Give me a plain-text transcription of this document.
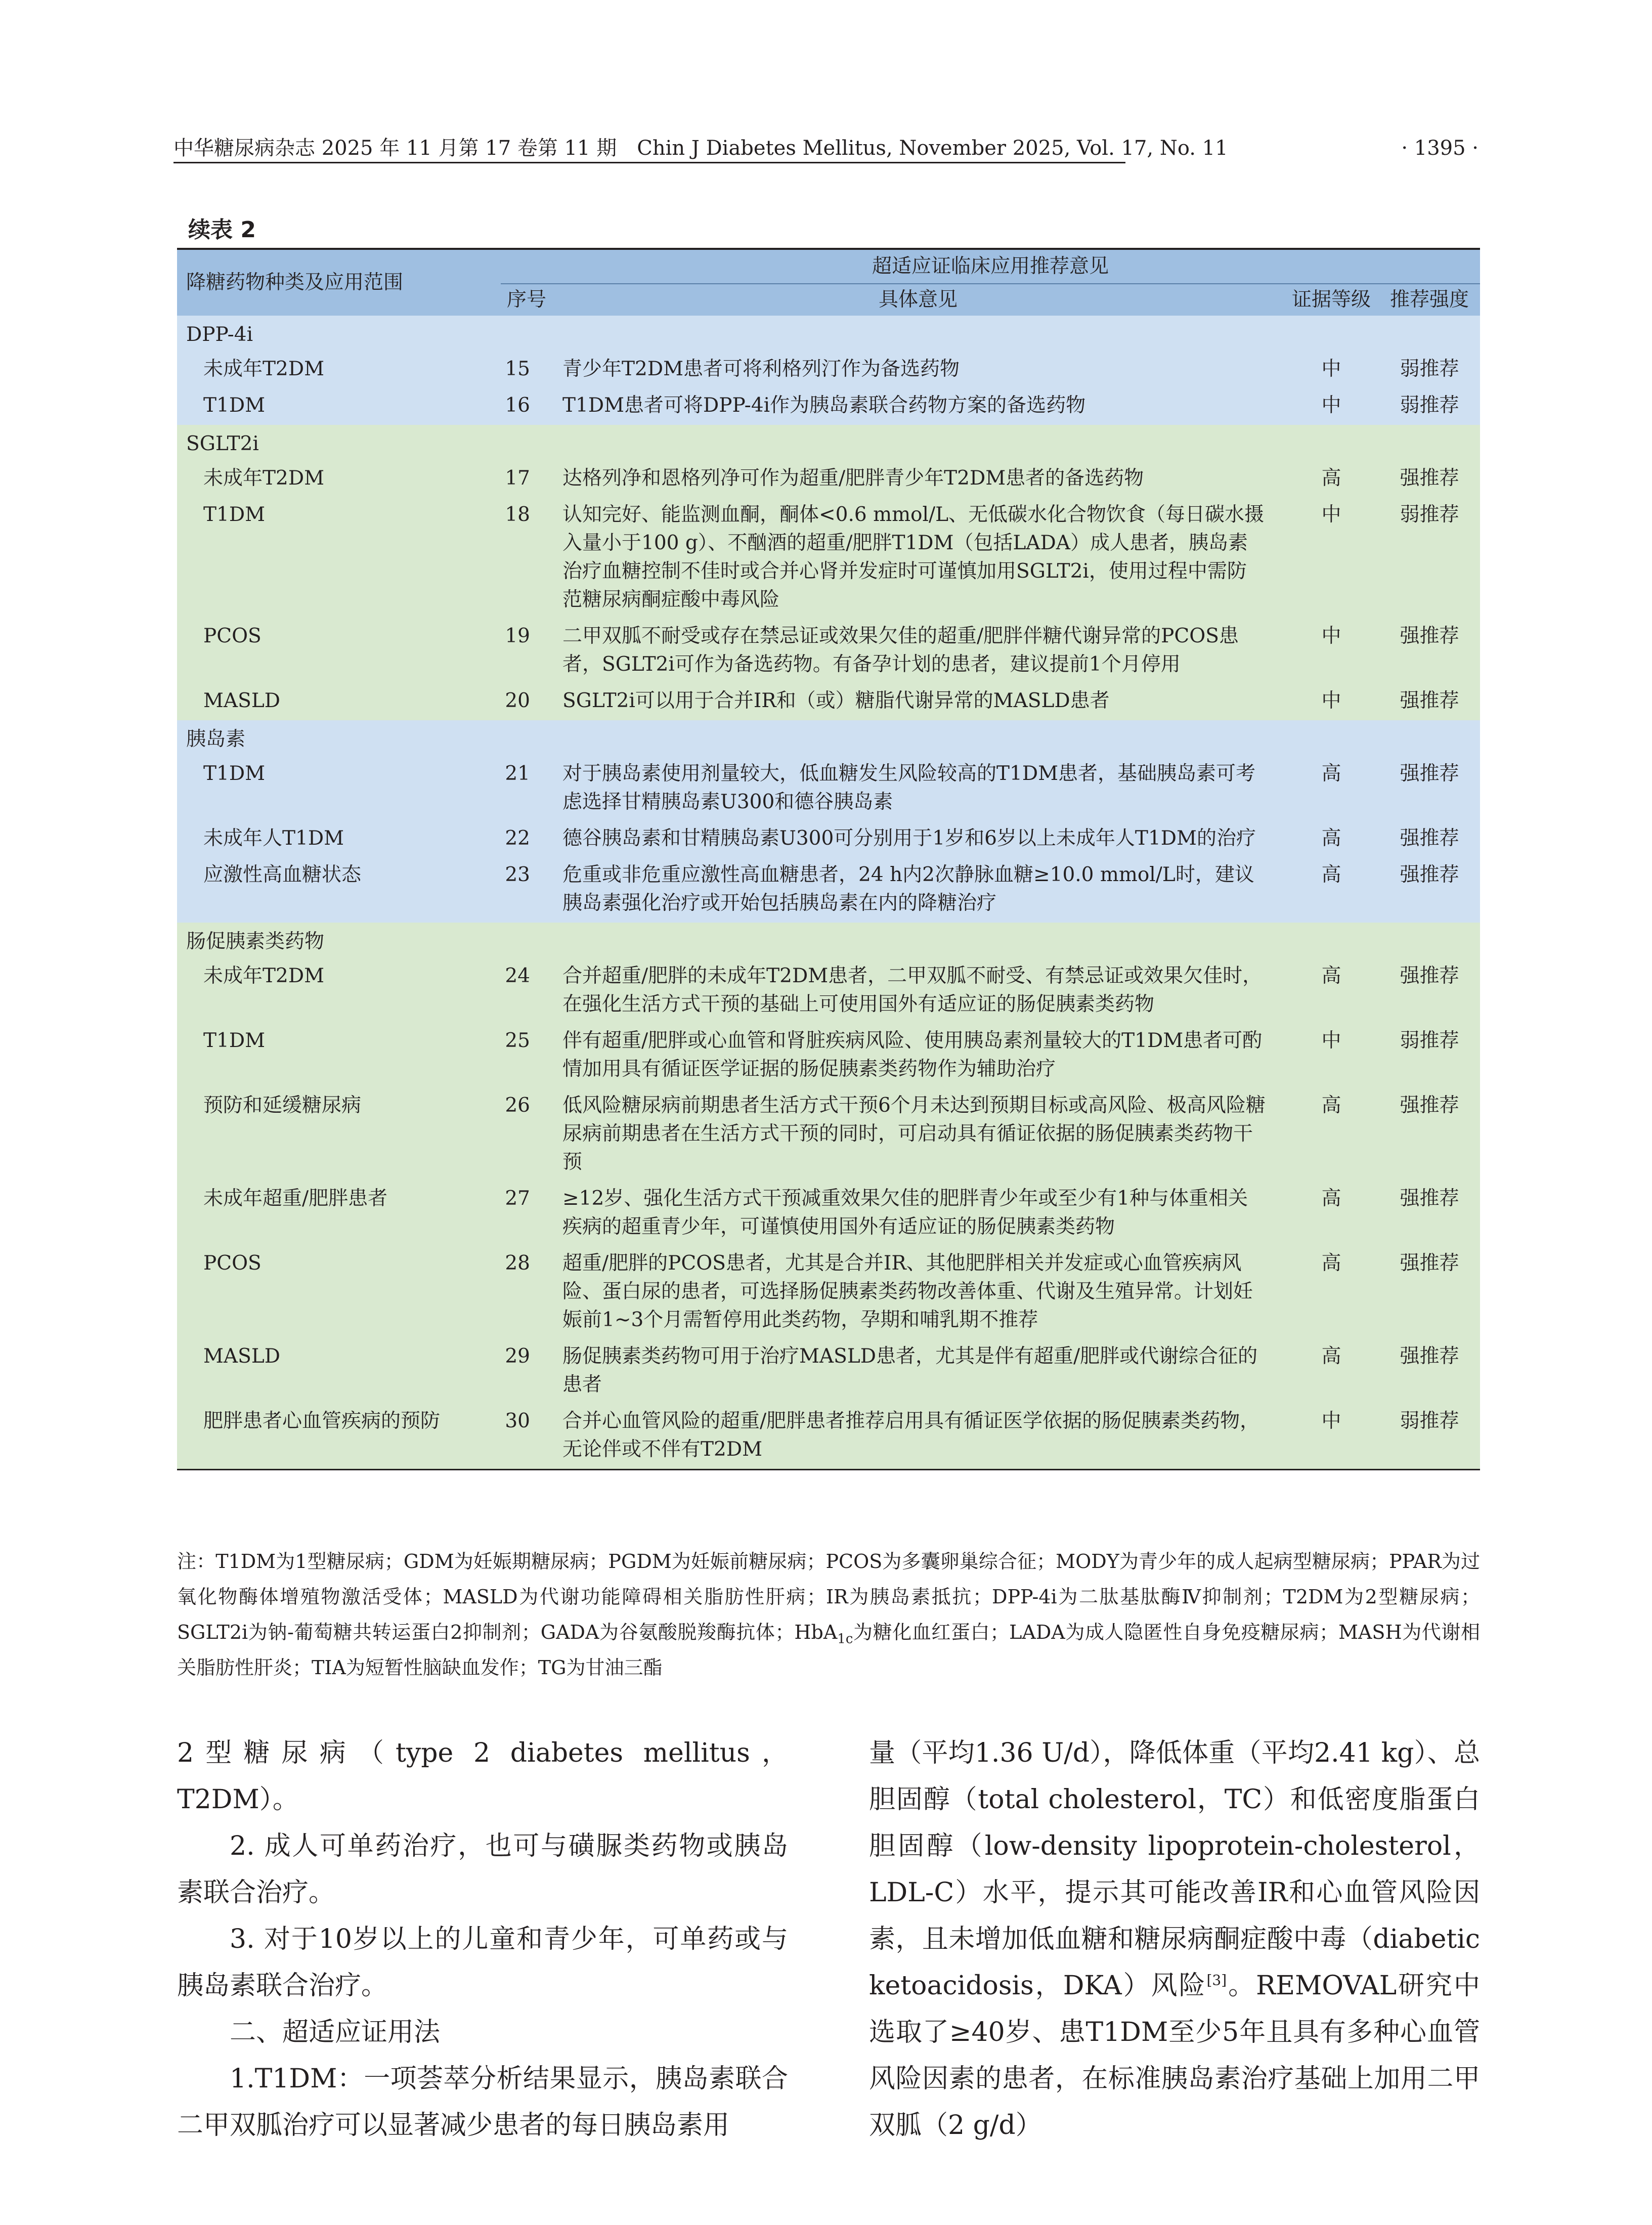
中华糖尿病杂志 2025 年 11 月第 17 卷第 11 期　Chin J Diabetes Mellitus, November 2025, Vol. 17, No. 11	· 1395 ·
续表 2

降糖药物种类及应用范围	超适应证临床应用推荐意见			
	序号	具体意见	证据等级	推荐强度
DPP-4i				
未成年T2DM	15	青少年T2DM患者可将利格列汀作为备选药物	中	弱推荐
T1DM	16	T1DM患者可将DPP-4i作为胰岛素联合药物方案的备选药物	中	弱推荐
SGLT2i				
未成年T2DM	17	达格列净和恩格列净可作为超重/肥胖青少年T2DM患者的备选药物	高	强推荐
T1DM	18	认知完好、能监测血酮，酮体<0.6 mmol/L、无低碳水化合物饮食（每日碳水摄入量小于100 g）、不酗酒的超重/肥胖T1DM（包括LADA）成人患者，胰岛素治疗血糖控制不佳时或合并心肾并发症时可谨慎加用SGLT2i，使用过程中需防范糖尿病酮症酸中毒风险	中	弱推荐
PCOS	19	二甲双胍不耐受或存在禁忌证或效果欠佳的超重/肥胖伴糖代谢异常的PCOS患者，SGLT2i可作为备选药物。有备孕计划的患者，建议提前1个月停用	中	强推荐
MASLD	20	SGLT2i可以用于合并IR和（或）糖脂代谢异常的MASLD患者	中	强推荐
胰岛素				
T1DM	21	对于胰岛素使用剂量较大，低血糖发生风险较高的T1DM患者，基础胰岛素可考虑选择甘精胰岛素U300和德谷胰岛素	高	强推荐
未成年人T1DM	22	德谷胰岛素和甘精胰岛素U300可分别用于1岁和6岁以上未成年人T1DM的治疗	高	强推荐
应激性高血糖状态	23	危重或非危重应激性高血糖患者，24 h内2次静脉血糖≥10.0 mmol/L时，建议胰岛素强化治疗或开始包括胰岛素在内的降糖治疗	高	强推荐
肠促胰素类药物				
未成年T2DM	24	合并超重/肥胖的未成年T2DM患者，二甲双胍不耐受、有禁忌证或效果欠佳时，在强化生活方式干预的基础上可使用国外有适应证的肠促胰素类药物	高	强推荐
T1DM	25	伴有超重/肥胖或心血管和肾脏疾病风险、使用胰岛素剂量较大的T1DM患者可酌情加用具有循证医学证据的肠促胰素类药物作为辅助治疗	中	弱推荐
预防和延缓糖尿病	26	低风险糖尿病前期患者生活方式干预6个月未达到预期目标或高风险、极高风险糖尿病前期患者在生活方式干预的同时，可启动具有循证依据的肠促胰素类药物干预	高	强推荐
未成年超重/肥胖患者	27	≥12岁、强化生活方式干预减重效果欠佳的肥胖青少年或至少有1种与体重相关疾病的超重青少年，可谨慎使用国外有适应证的肠促胰素类药物	高	强推荐
PCOS	28	超重/肥胖的PCOS患者，尤其是合并IR、其他肥胖相关并发症或心血管疾病风险、蛋白尿的患者，可选择肠促胰素类药物改善体重、代谢及生殖异常。计划妊娠前1~3个月需暂停用此类药物，孕期和哺乳期不推荐	高	强推荐
MASLD	29	肠促胰素类药物可用于治疗MASLD患者，尤其是伴有超重/肥胖或代谢综合征的患者	高	强推荐
肥胖患者心血管疾病的预防	30	合并心血管风险的超重/肥胖患者推荐启用具有循证医学依据的肠促胰素类药物，无论伴或不伴有T2DM	中	弱推荐

注：T1DM为1型糖尿病；GDM为妊娠期糖尿病；PGDM为妊娠前糖尿病；PCOS为多囊卵巢综合征；MODY为青少年的成人起病型糖尿病；PPAR为过氧化物酶体增殖物激活受体；MASLD为代谢功能障碍相关脂肪性肝病；IR为胰岛素抵抗；DPP-4i为二肽基肽酶Ⅳ抑制剂；T2DM为2型糖尿病；SGLT2i为钠-葡萄糖共转运蛋白2抑制剂；GADA为谷氨酸脱羧酶抗体；HbA$_{1c}$为糖化血红蛋白；LADA为成人隐匿性自身免疫糖尿病；MASH为代谢相关脂肪性肝炎；TIA为短暂性脑缺血发作；TG为甘油三酯

2型糖尿病（type 2 diabetes mellitus，T2DM）。

2. 成人可单药治疗，也可与磺脲类药物或胰岛素联合治疗。

3. 对于10岁以上的儿童和青少年，可单药或与胰岛素联合治疗。

二、超适应证用法

1.T1DM：一项荟萃分析结果显示，胰岛素联合二甲双胍治疗可以显著减少患者的每日胰岛素用

量（平均1.36 U/d），降低体重（平均2.41 kg）、总胆固醇（total cholesterol，TC）和低密度脂蛋白胆固醇（low-density lipoprotein-cholesterol，LDL-C）水平，提示其可能改善IR和心血管风险因素，且未增加低血糖和糖尿病酮症酸中毒（diabetic ketoacidosis，DKA）风险[3]。REMOVAL研究中选取了≥40岁、患T1DM至少5年且具有多种心血管风险因素的患者，在标准胰岛素治疗基础上加用二甲双胍（2 g/d）
